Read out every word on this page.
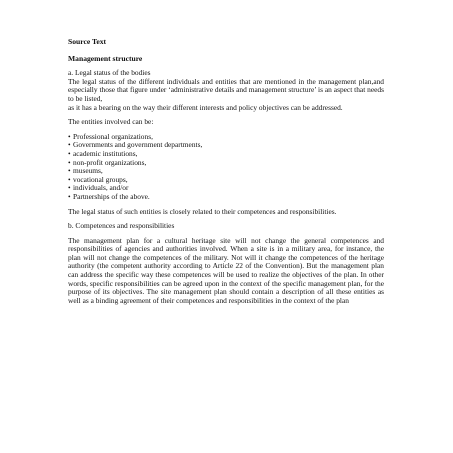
Source Text

Management structure

a. Legal status of the bodies

The legal status of the different individuals and entities that are mentioned in the management plan,and especially those that figure under ‘administrative details and management structure’ is an aspect that needs to be listed,

as it has a bearing on the way their different interests and policy objectives can be addressed.

The entities involved can be:

• Professional organizations,
• Governments and government departments,
• academic institutions,
• non-profit organizations,
• museums,
• vocational groups,
• individuals, and/or
• Partnerships of the above.

The legal status of such entities is closely related to their competences and responsibilities.

b. Competences and responsibilities

The management plan for a cultural heritage site will not change the general competences and responsibilities of agencies and authorities involved. When a site is in a military area, for instance, the plan will not change the competences of the military. Not will it change the competences of the heritage authority (the competent authority according to Article 22 of the Convention). But the management plan can address the specific way these competences will be used to realize the objectives of the plan. In other words, specific responsibilities can be agreed upon in the context of the specific management plan, for the purpose of its objectives. The site management plan should contain a description of all these entities as well as a binding agreement of their competences and responsibilities in the context of the plan
